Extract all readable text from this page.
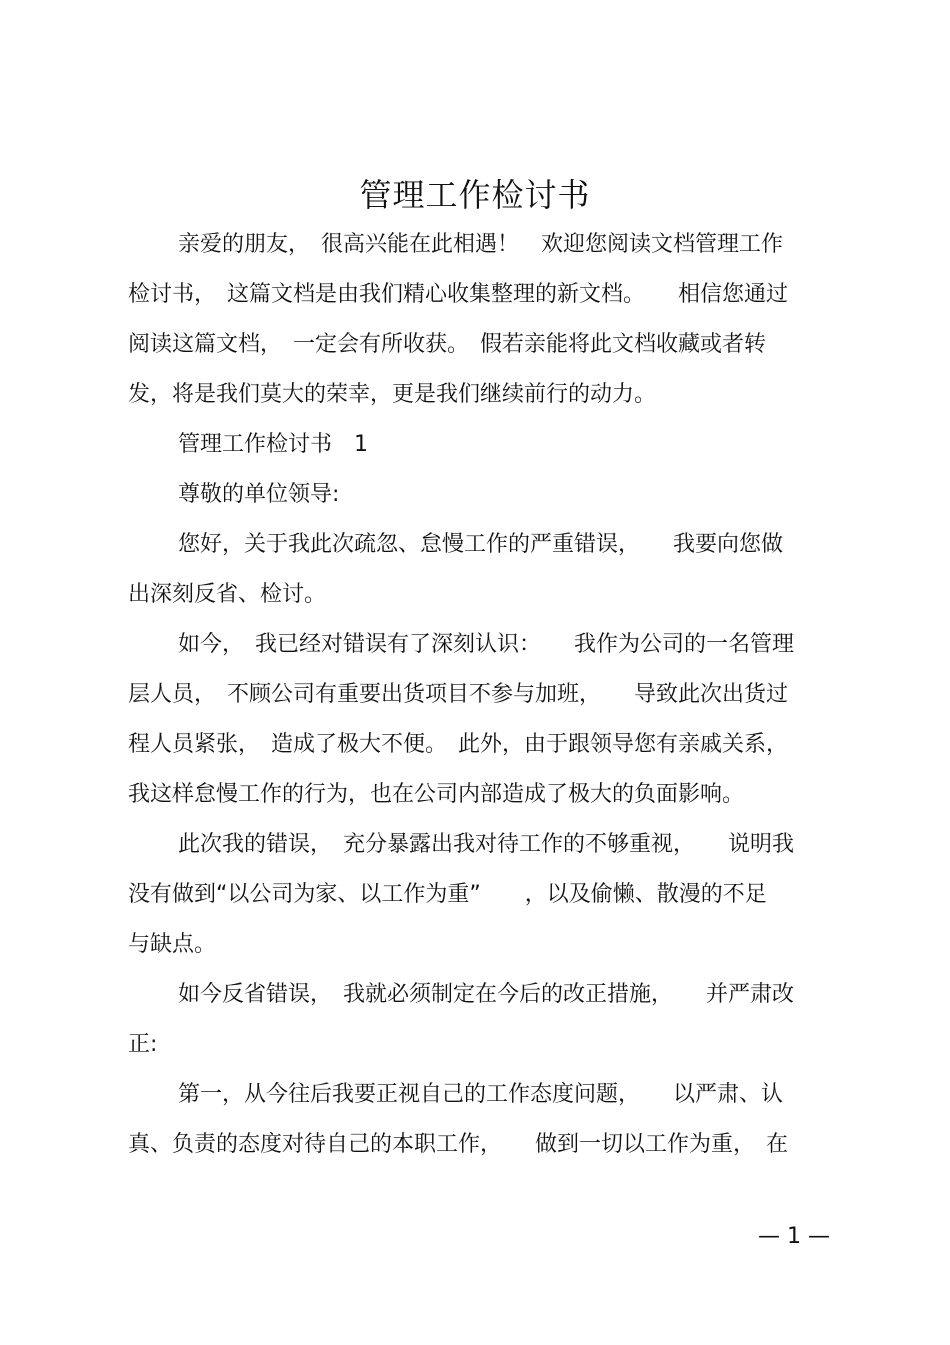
管理工作检讨书
亲爱的朋友，　很高兴能在此相遇！　欢迎您阅读文档管理工作
检讨书，　这篇文档是由我们精心收集整理的新文档。　　相信您通过
阅读这篇文档，　一定会有所收获。　假若亲能将此文档收藏或者转
发，将是我们莫大的荣幸，更是我们继续前行的动力。
管理工作检讨书　1
尊敬的单位领导:
您好，关于我此次疏忽、怠慢工作的严重错误，　　我要向您做
出深刻反省、检讨。
如今，　我已经对错误有了深刻认识：　　我作为公司的一名管理
层人员，　不顾公司有重要出货项目不参与加班，　　导致此次出货过
程人员紧张，　造成了极大不便。　此外，由于跟领导您有亲戚关系，
我这样怠慢工作的行为，也在公司内部造成了极大的负面影响。
此次我的错误，　充分暴露出我对待工作的不够重视，　　说明我
没有做到“以公司为家、以工作为重”　　，以及偷懒、散漫的不足
与缺点。
如今反省错误，　我就必须制定在今后的改正措施，　　并严肃改
正:
第一，从今往后我要正视自己的工作态度问题，　　以严肃、认
真、负责的态度对待自己的本职工作，　　做到一切以工作为重，　在
— 1 —
